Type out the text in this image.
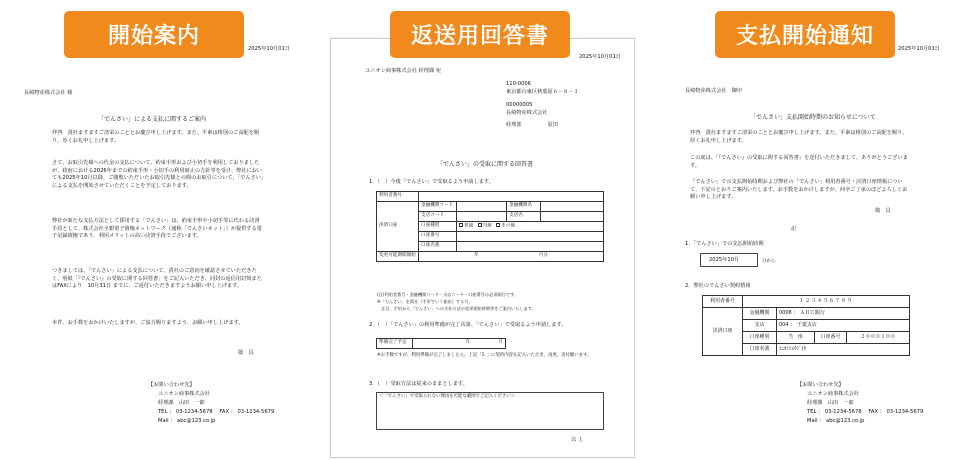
開始案内	返送用回答書	支払開始通知
2025年10月01日
長崎物産株式会社 様
「でんさい」による支払に関するご案内
拝啓　貴社ますますご清栄のこととお慶び申し上げます。また、平素は格別のご高配を賜り、厚くお礼申し上げます。
さて、お取引先様への代金の支払について、約束手形および小切手を利用しておりましたが、政府における2026年までの約束手形・小切手の利用廃止の方針等を受け、弊社においても2025年10月以降、ご閲覧いただいたお取引先様との間のお取引について、「でんさい」による支払を開始させていただくことを予定しております。
弊社が新たな支払方法として採用する「でんさい」は、約束手形や小切手等に代わる決済手段として、株式会社全銀電子債権ネットワーク（通称「でんさいネット」）が提供する電子記録債権であり、利用メリットの高い決済手段でございます。
つきましては、「でんさい」による支払について、貴社のご意向を確認させていただきたく、別紙「『でんさい』の受取に関する回答書」をご記入いただき、同封の返信用封筒またはFAXにより　10月31日 までに、ご返付いただきますようお願い申し上げます。
本件、お手数をおかけいたしますが、ご協力賜りますよう、お願い申し上げます。
敬　具
【お問い合わせ先】
ユニオン商事株式会社
経理課　山田　一郎
TEL ： 03-1234-5678　 FAX ： 03-1234-5679
Mail ： abc@123.co.jp
2025年10月01日
ユニオン商事株式会社 経理課 宛
110-0006
東京都台東区秋葉原６－８－１
00000005
長崎物産株式会社
経理部　　　　　原田
「でんさい」の受取に関する回答書
1．（　）今後「でんさい」で受取るよう申請します。
利用者番号				
決済口座	金融機関コード		金融機関名	
	支店コード		支店名	
	口座種別	普通 当座 その他		
	口座番号			
	口座名義			
変更可能期間開始	年 月分			
(注)利用者番号・金融機関コード・支店コード・口座番号は必須項目です。
※「でんさい」を貴社（手形でいう振出）する月。
　注目、手形から「でんさい」への支払方法の変更開始時期等をご案内いたします。
2．（　）「でんさい」の利用準備が完了次第、「でんさい」で受取るよう申請します。
準備完了予定	年	月
※お手数ですが、利用準備が完了しましたら、上記「1．」に契約内容を記入いただき、再度、送付願います。
3．（　）受取方法は従来のままとします。
＜「でんさい」で受取られない理由を可能な範囲でご記入ください＞
以 上
2025年10月01日
長崎物産株式会社　御中
「でんさい」支払開始時期のお知らせについて
拝啓　貴社ますますご清栄のこととお慶び申し上げます。また、平素は格別のご高配を賜り、厚くお礼申し上げます。
この度は、「『でんさい』の受取に関する回答書」を送付いただきまして、ありがとうございます。
「でんさい」での支払開始時期および弊社の「でんさい」利用者番号・決済口座情報について、下記のとおりご案内いたします。お手数をおかけしますが、何卒ご了承のほどよろしくお願い申し上げます。
敬　具
記
1．「でんさい」での支払開始時期
2025年10月	分から
2．弊社のでんさい契約情報
利用者番号	１２３４５６７８９			
決済口座	金融機関	0008 ： ＡＢＣ銀行		
	支店	004 ： 千葉支店		
	口座種別	当　座	口座番号	２０００１００
	口座名義	ﾕﾆｵﾝｼｮｳｼﾞ(ｶ		
【お問い合わせ先】
ユニオン商事株式会社
経理課　山田　一郎
TEL ： 03-1234-5678　 FAX ： 03-1234-5679
Mail ： abc@123.co.jp
